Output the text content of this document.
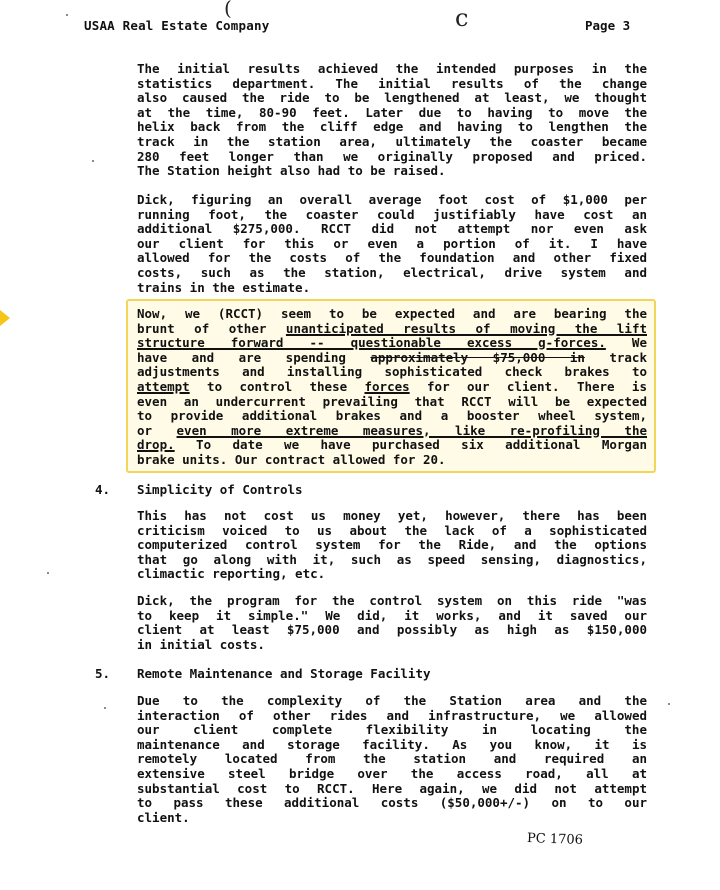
USAA Real Estate Company	Page 3
(	c
The initial results achieved the intended purposes in the
statistics department. The initial results of the change
also caused the ride to be lengthened at least, we thought
at the time, 80-90 feet. Later due to having to move the
helix back from the cliff edge and having to lengthen the
track in the station area, ultimately the coaster became
280 feet longer than we originally proposed and priced.
The Station height also had to be raised.
Dick, figuring an overall average foot cost of $1,000 per
running foot, the coaster could justifiably have cost an
additional $275,000. RCCT did not attempt nor even ask
our client for this or even a portion of it. I have
allowed for the costs of the foundation and other fixed
costs, such as the station, electrical, drive system and
trains in the estimate.
Now, we (RCCT) seem to be expected and are bearing the
brunt of other unanticipated results of moving the lift
structure forward -- questionable excess g-forces. We
have and are spending approximately $75,000 in track
adjustments and installing sophisticated check brakes to
attempt to control these forces for our client. There is
even an undercurrent prevailing that RCCT will be expected
to provide additional brakes and a booster wheel system,
or even more extreme measures, like re-profiling the
drop. To date we have purchased six additional Morgan
brake units. Our contract allowed for 20.
4. Simplicity of Controls
This has not cost us money yet, however, there has been
criticism voiced to us about the lack of a sophisticated
computerized control system for the Ride, and the options
that go along with it, such as speed sensing, diagnostics,
climactic reporting, etc.
Dick, the program for the control system on this ride "was
to keep it simple." We did, it works, and it saved our
client at least $75,000 and possibly as high as $150,000
in initial costs.
5. Remote Maintenance and Storage Facility
Due to the complexity of the Station area and the
interaction of other rides and infrastructure, we allowed
our client complete flexibility in locating the
maintenance and storage facility. As you know, it is
remotely located from the station and required an
extensive steel bridge over the access road, all at
substantial cost to RCCT. Here again, we did not attempt
to pass these additional costs ($50,000+/-) on to our
client.
PC 1706
